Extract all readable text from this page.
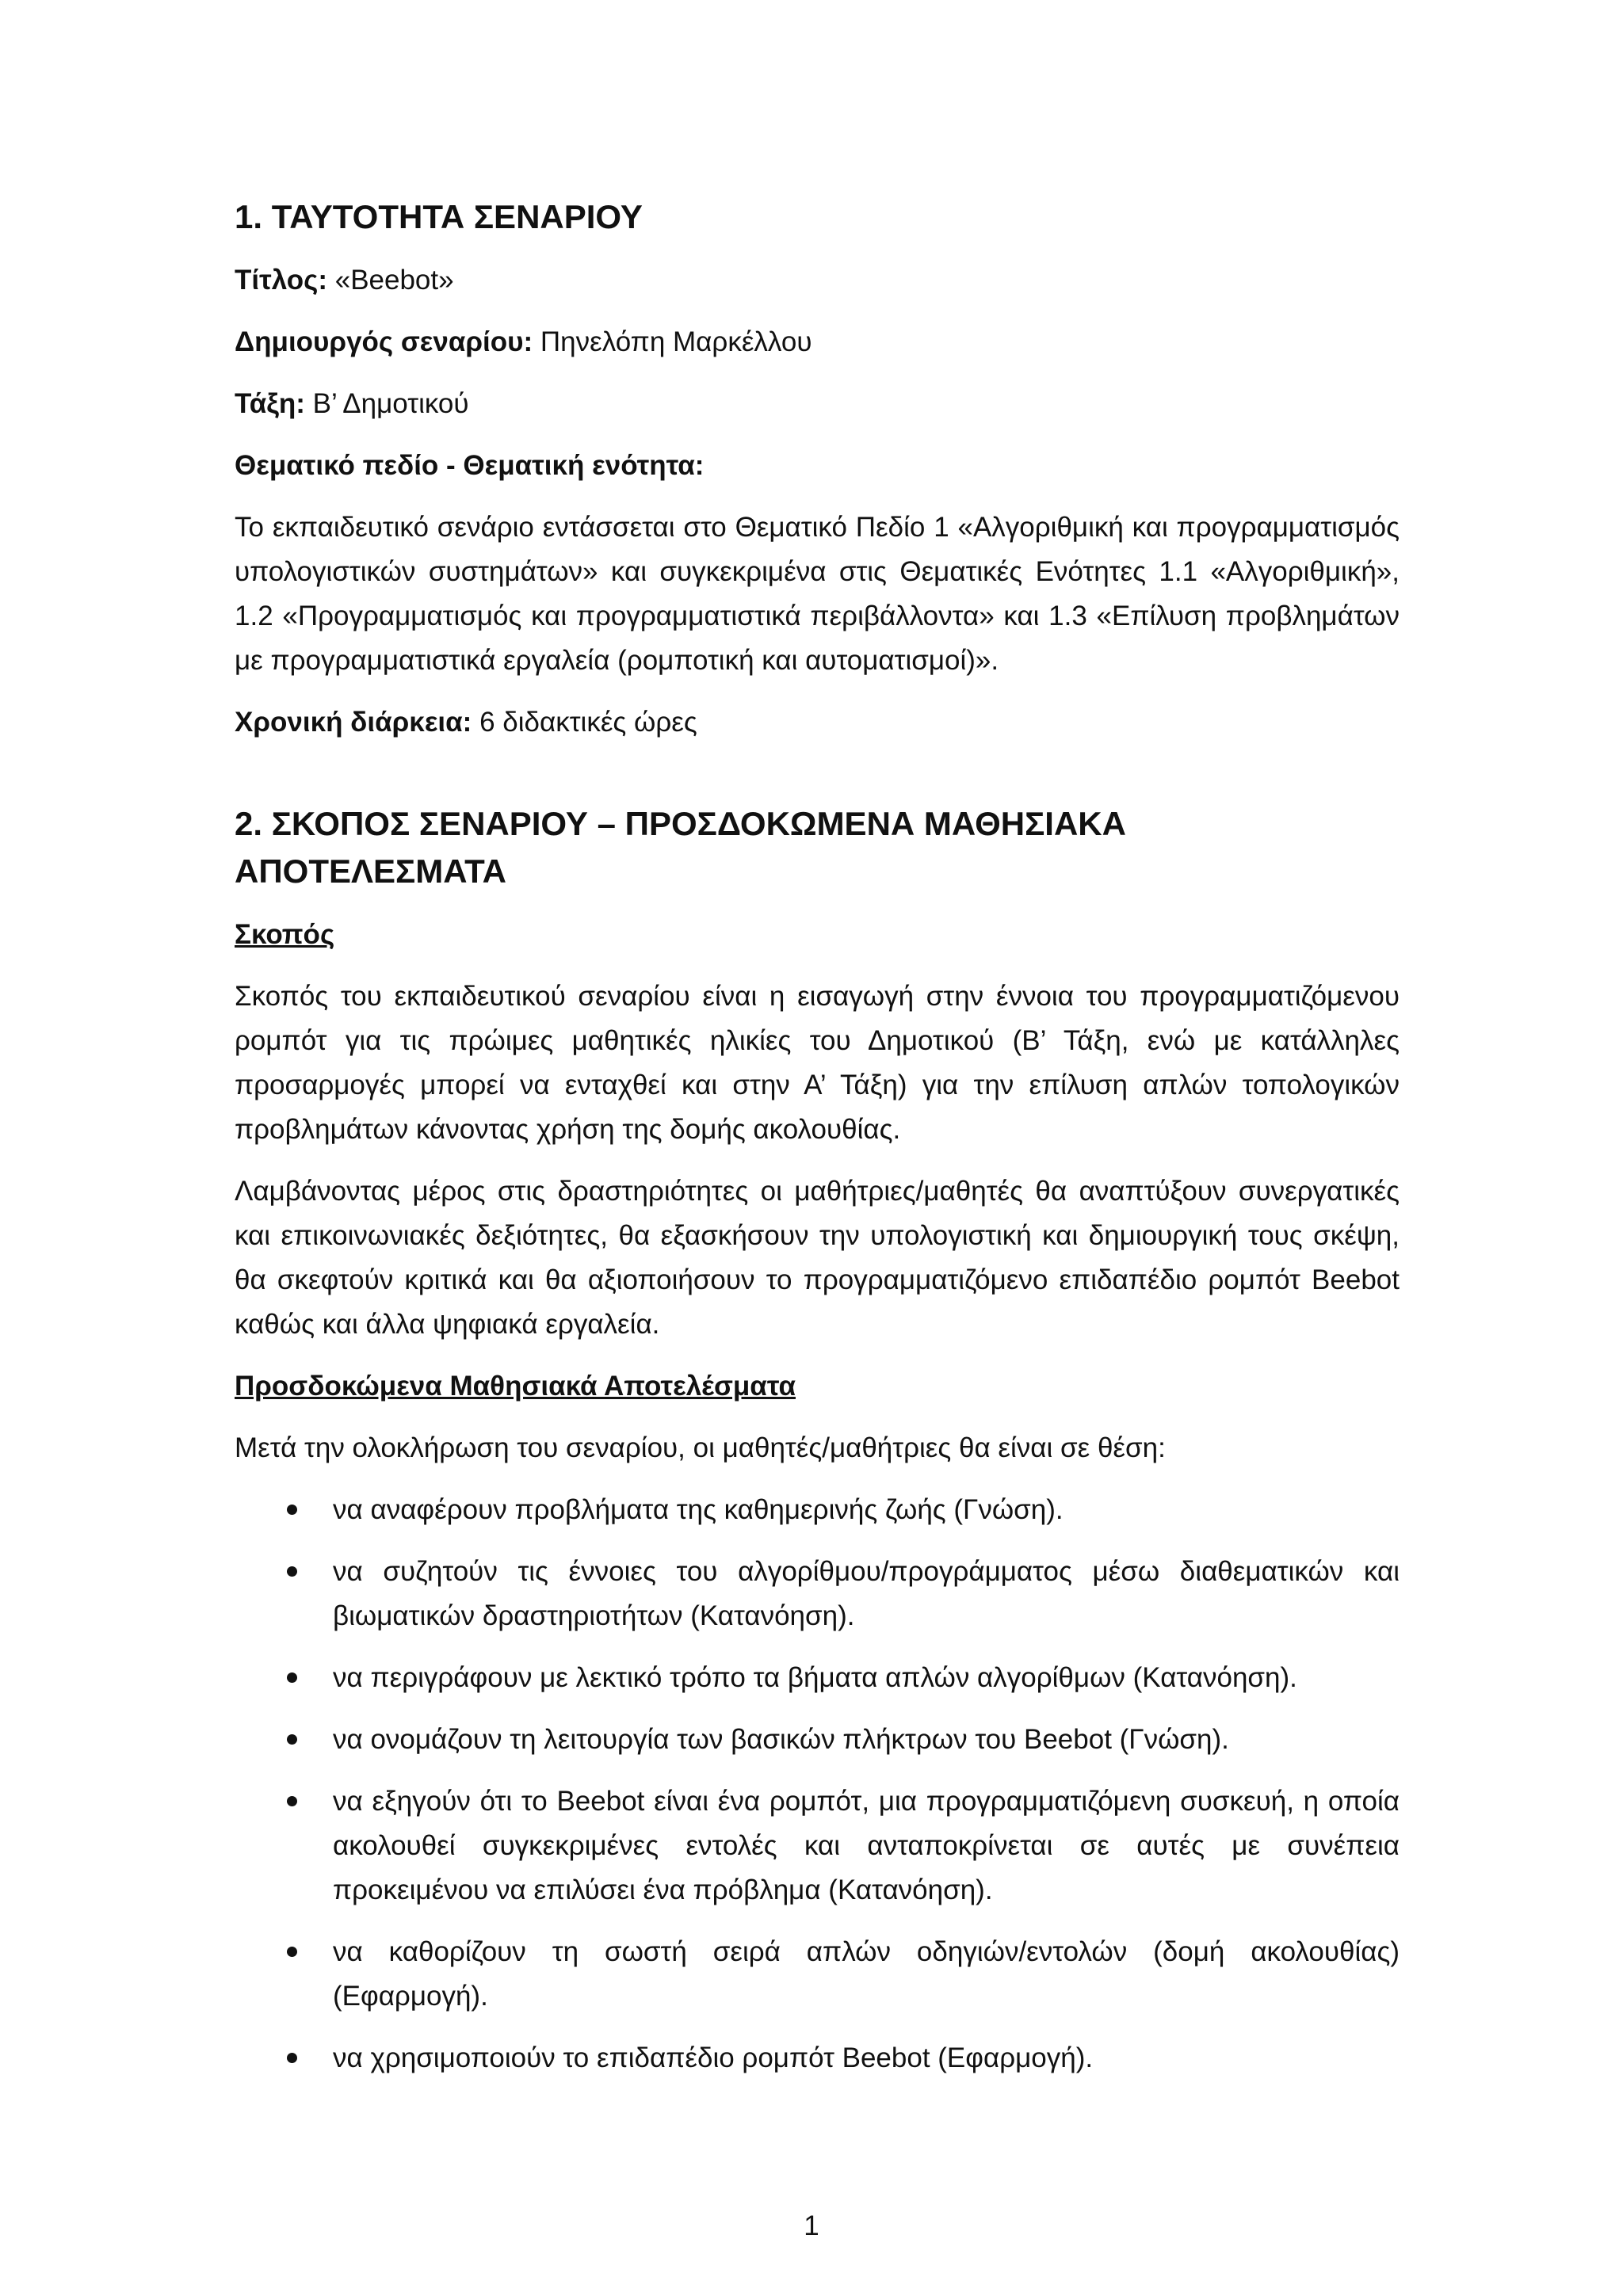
1. ΤΑΥΤΟΤΗΤΑ ΣΕΝΑΡΙΟΥ

Τίτλος: «Beebot»

Δημιουργός σεναρίου: Πηνελόπη Μαρκέλλου

Τάξη: Β’ Δημοτικού

Θεματικό πεδίο - Θεματική ενότητα:

Το εκπαιδευτικό σενάριο εντάσσεται στο Θεματικό Πεδίο 1 «Αλγοριθμική και προγραμματισμός υπολογιστικών συστημάτων» και συγκεκριμένα στις Θεματικές Ενότητες 1.1 «Αλγοριθμική», 1.2 «Προγραμματισμός και προγραμματιστικά περιβάλλοντα» και 1.3 «Επίλυση προβλημάτων με προγραμματιστικά εργαλεία (ρομποτική και αυτοματισμοί)».

Χρονική διάρκεια: 6 διδακτικές ώρες

2. ΣΚΟΠΟΣ ΣΕΝΑΡΙΟΥ – ΠΡΟΣΔΟΚΩΜΕΝΑ ΜΑΘΗΣΙΑΚΑ ΑΠΟΤΕΛΕΣΜΑΤΑ
Σκοπός

Σκοπός του εκπαιδευτικού σεναρίου είναι η εισαγωγή στην έννοια του προγραμματιζόμενου ρομπότ για τις πρώιμες μαθητικές ηλικίες του Δημοτικού (Β’ Τάξη, ενώ με κατάλληλες προσαρμογές μπορεί να ενταχθεί και στην Α’ Τάξη) για την επίλυση απλών τοπολογικών προβλημάτων κάνοντας χρήση της δομής ακολουθίας.

Λαμβάνοντας μέρος στις δραστηριότητες οι μαθήτριες/μαθητές θα αναπτύξουν συνεργατικές και επικοινωνιακές δεξιότητες, θα εξασκήσουν την υπολογιστική και δημιουργική τους σκέψη, θα σκεφτούν κριτικά και θα αξιοποιήσουν το προγραμματιζόμενο επιδαπέδιο ρομπότ Beebot καθώς και άλλα ψηφιακά εργαλεία.

Προσδοκώμενα Μαθησιακά Αποτελέσματα

Μετά την ολοκλήρωση του σεναρίου, οι μαθητές/μαθήτριες θα είναι σε θέση:

να αναφέρουν προβλήματα της καθημερινής ζωής (Γνώση).
να συζητούν τις έννοιες του αλγορίθμου/προγράμματος μέσω διαθεματικών και βιωματικών δραστηριοτήτων (Κατανόηση).
να περιγράφουν με λεκτικό τρόπο τα βήματα απλών αλγορίθμων (Κατανόηση).
να ονομάζουν τη λειτουργία των βασικών πλήκτρων του Beebot (Γνώση).
να εξηγούν ότι το Beebot είναι ένα ρομπότ, μια προγραμματιζόμενη συσκευή, η οποία ακολουθεί συγκεκριμένες εντολές και ανταποκρίνεται σε αυτές με συνέπεια προκειμένου να επιλύσει ένα πρόβλημα (Κατανόηση).
να καθορίζουν τη σωστή σειρά απλών οδηγιών/εντολών (δομή ακολουθίας) (Εφαρμογή).
να χρησιμοποιούν το επιδαπέδιο ρομπότ Beebot (Εφαρμογή).
1
